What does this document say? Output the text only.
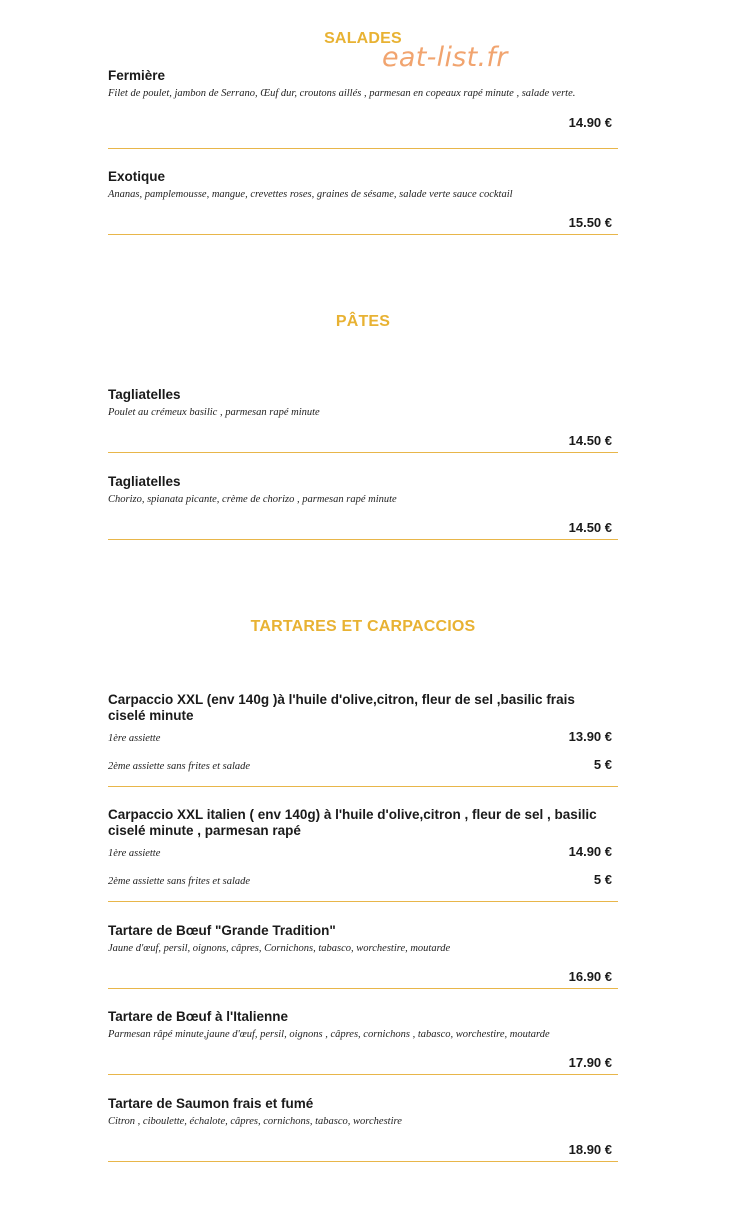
SALADES
PÂTES
TARTARES ET CARPACCIOS
eat-list.fr
Fermière
Filet de poulet, jambon de Serrano, Œuf dur, croutons aillés , parmesan en copeaux rapé minute , salade verte.
14.90 €
Exotique
Ananas, pamplemousse, mangue, crevettes roses, graines de sésame, salade verte sauce cocktail
15.50 €
Tagliatelles
Poulet au crémeux basilic , parmesan rapé minute
14.50 €
Tagliatelles
Chorizo, spianata picante, crème de chorizo , parmesan rapé minute
14.50 €
Carpaccio XXL (env 140g )à l'huile d'olive,citron, fleur de sel ,basilic frais ciselé minute
1ère assiette	13.90 €
2ème assiette sans frites et salade	5 €
Carpaccio XXL italien ( env 140g) à l'huile d'olive,citron , fleur de sel , basilic ciselé minute , parmesan rapé
1ère assiette	14.90 €
2ème assiette sans frites et salade	5 €
Tartare de Bœuf "Grande Tradition"
Jaune d'œuf, persil, oignons, câpres, Cornichons, tabasco, worchestire, moutarde
16.90 €
Tartare de Bœuf à l'Italienne
Parmesan râpé minute,jaune d'œuf, persil, oignons , câpres, cornichons , tabasco, worchestire, moutarde
17.90 €
Tartare de Saumon frais et fumé
Citron , ciboulette, échalote, câpres, cornichons, tabasco, worchestire
18.90 €
